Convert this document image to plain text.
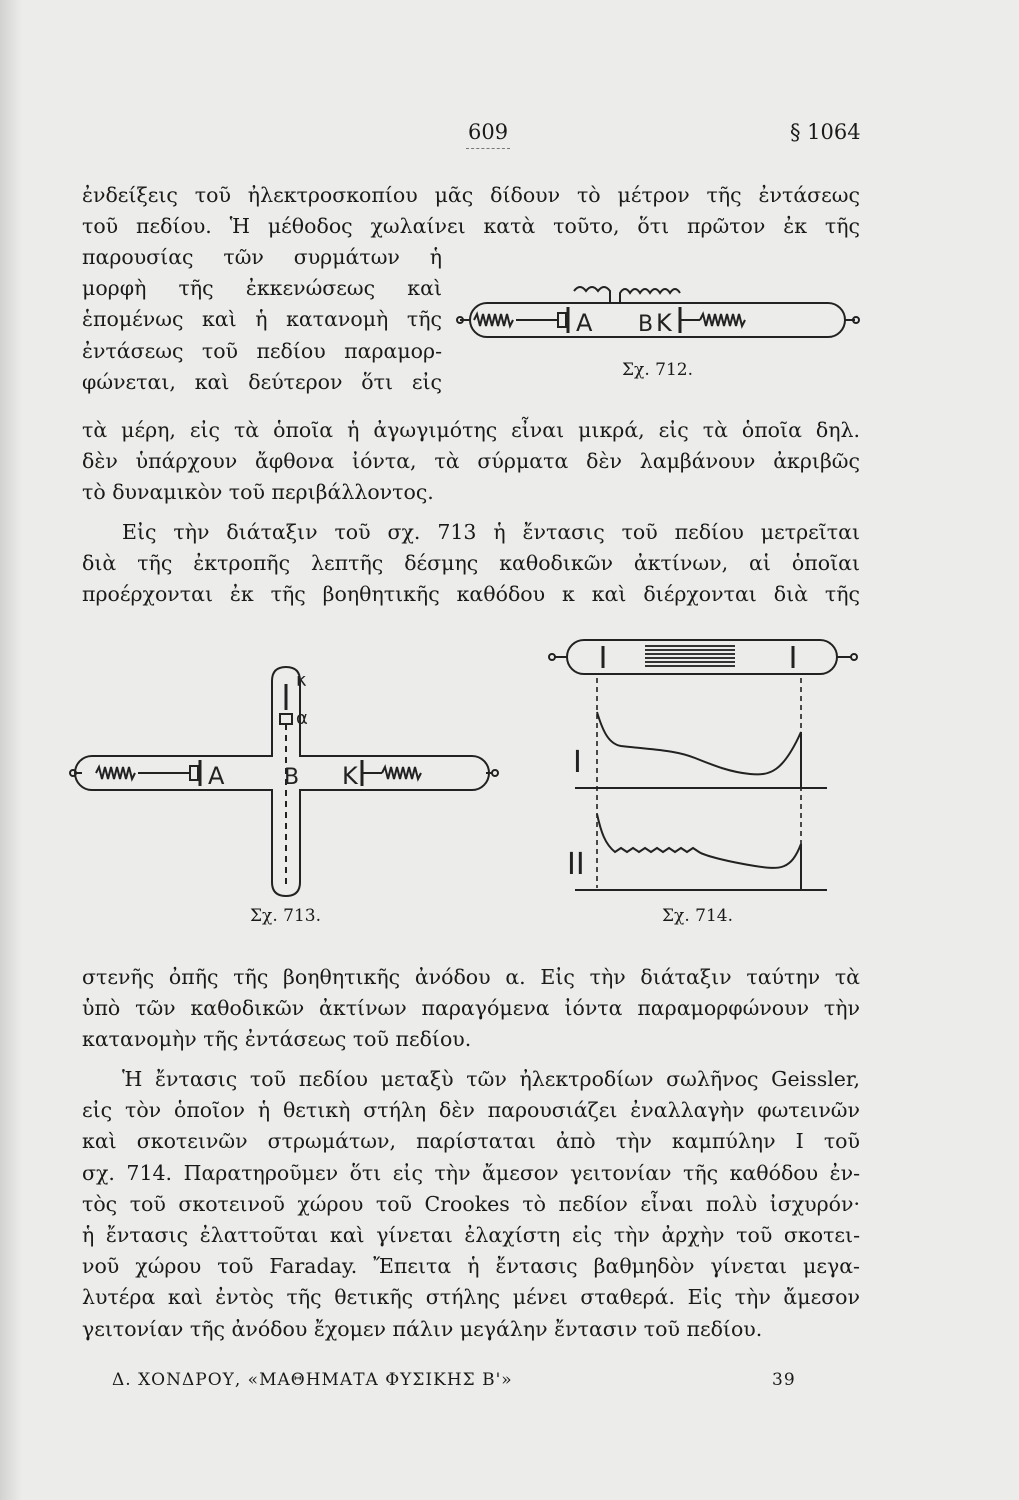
609	§ 1064
ἐνδείξεις τοῦ ἠλεκτροσκοπίου μᾶς δίδουν τὸ μέτρον τῆς ἐντάσεως
τοῦ πεδίου. Ἡ μέθοδος χωλαίνει κατὰ τοῦτο, ὅτι πρῶτον ἐκ τῆς
παρουσίας τῶν συρμάτων ἡ
μορφὴ τῆς ἐκκενώσεως καὶ
ἑπομένως καὶ ἡ κατανομὴ τῆς
ἐντάσεως τοῦ πεδίου παραμορ-
φώνεται, καὶ δεύτερον ὅτι εἰς
τὰ μέρη, εἰς τὰ ὁποῖα ἡ ἀγωγιμότης εἶναι μικρά, εἰς τὰ ὁποῖα δηλ.
δὲν ὑπάρχουν ἄφθονα ἰόντα, τὰ σύρματα δὲν λαμβάνουν ἀκριβῶς
τὸ δυναμικὸν τοῦ περιβάλλοντος.
A B K
Σχ. 712.
Εἰς τὴν διάταξιν τοῦ σχ. 713 ἡ ἔντασις τοῦ πεδίου μετρεῖται
διὰ τῆς ἐκτροπῆς λεπτῆς δέσμης καθοδικῶν ἀκτίνων, αἱ ὁποῖαι
προέρχονται ἐκ τῆς βοηθητικῆς καθόδου κ καὶ διέρχονται διὰ τῆς
κ
α
A	B K
Σχ. 713.
I
II
Σχ. 714.
στενῆς ὀπῆς τῆς βοηθητικῆς ἀνόδου α. Εἰς τὴν διάταξιν ταύτην τὰ
ὑπὸ τῶν καθοδικῶν ἀκτίνων παραγόμενα ἰόντα παραμορφώνουν τὴν
κατανομὴν τῆς ἐντάσεως τοῦ πεδίου.
Ἡ ἔντασις τοῦ πεδίου μεταξὺ τῶν ἠλεκτροδίων σωλῆνος Geissler,
εἰς τὸν ὁποῖον ἡ θετικὴ στήλη δὲν παρουσιάζει ἐναλλαγὴν φωτεινῶν
καὶ σκοτεινῶν στρωμάτων, παρίσταται ἀπὸ τὴν καμπύλην Ι τοῦ
σχ. 714. Παρατηροῦμεν ὅτι εἰς τὴν ἄμεσον γειτονίαν τῆς καθόδου ἐν-
τὸς τοῦ σκοτεινοῦ χώρου τοῦ Crookes τὸ πεδίον εἶναι πολὺ ἰσχυρόν·
ἡ ἔντασις ἐλαττοῦται καὶ γίνεται ἐλαχίστη εἰς τὴν ἀρχὴν τοῦ σκοτει-
νοῦ χώρου τοῦ Faraday. Ἔπειτα ἡ ἔντασις βαθμηδὸν γίνεται μεγα-
λυτέρα καὶ ἐντὸς τῆς θετικῆς στήλης μένει σταθερά. Εἰς τὴν ἄμεσον
γειτονίαν τῆς ἀνόδου ἔχομεν πάλιν μεγάλην ἔντασιν τοῦ πεδίου.
Δ. ΧΟΝΔΡΟΥ, «ΜΑΘΗΜΑΤΑ ΦΥΣΙΚΗΣ Β'»	39
